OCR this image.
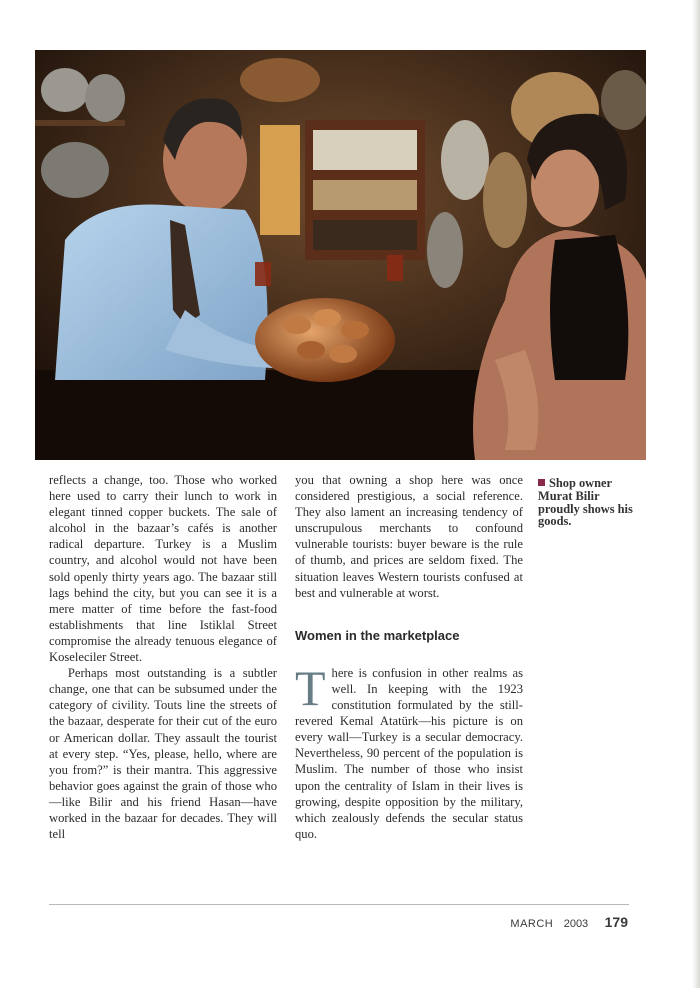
reflects a change, too. Those who worked here used to carry their lunch to work in elegant tinned copper buckets. The sale of alcohol in the bazaar’s cafés is another radical departure. Turkey is a Muslim country, and alcohol would not have been sold openly thirty years ago. The bazaar still lags behind the city, but you can see it is a mere matter of time before the fast-food establishments that line Istiklal Street compromise the already tenuous elegance of Koseleciler Street.

Perhaps most outstanding is a subtler change, one that can be subsumed under the category of civility. Touts line the streets of the bazaar, desperate for their cut of the euro or American dollar. They assault the tourist at every step. “Yes, please, hello, where are you from?” is their mantra. This aggressive behavior goes against the grain of those who—like Bilir and his friend Hasan—have worked in the bazaar for decades. They will tell

you that owning a shop here was once considered prestigious, a social reference. They also lament an increasing tendency of unscrupulous merchants to confound vulnerable tourists: buyer beware is the rule of thumb, and prices are seldom fixed. The situation leaves Western tourists confused at best and vulnerable at worst.

Women in the marketplace

There is confusion in other realms as well. In keeping with the 1923 constitution formulated by the still-revered Kemal Atatürk—his picture is on every wall—Turkey is a secular democracy. Nevertheless, 90 percent of the population is Muslim. The number of those who insist upon the centrality of Islam in their lives is growing, despite opposition by the military, which zealously defends the secular status quo.

Shop owner Murat Bilir proudly shows his goods.
MARCH 2003 179
